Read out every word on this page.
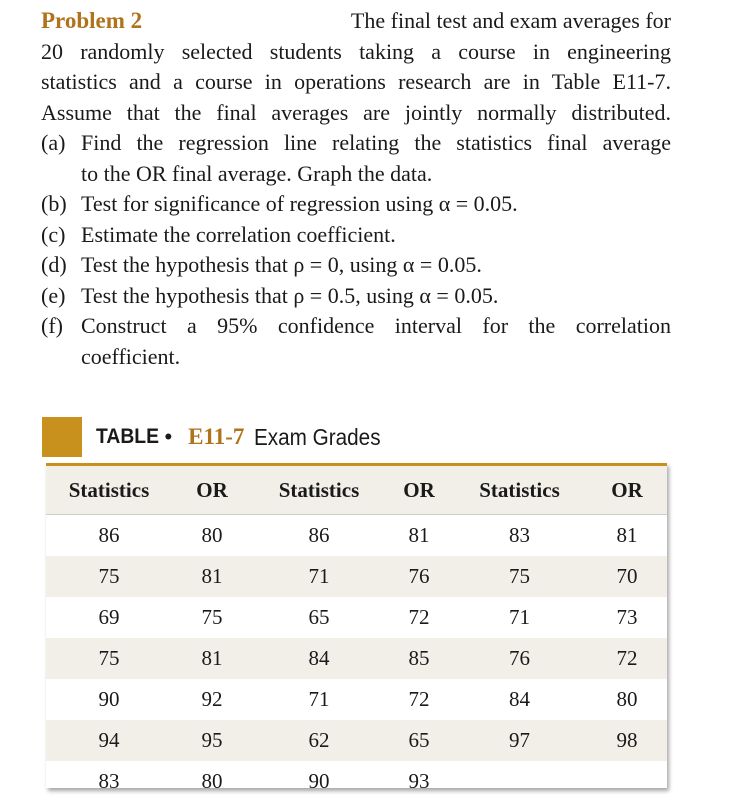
Problem 2	The final test and exam averages for
20 randomly selected students taking a course in engineering
statistics and a course in operations research are in Table E11-7.
Assume that the final averages are jointly normally distributed.
(a) Find the regression line relating the statistics final average
to the OR final average. Graph the data.
(b) Test for significance of regression using α = 0.05.
(c) Estimate the correlation coefficient.
(d) Test the hypothesis that ρ = 0, using α = 0.05.
(e) Test the hypothesis that ρ = 0.5, using α = 0.05.
(f) Construct a 95% confidence interval for the correlation
coefficient.
TABLE • E11-7 Exam Grades
Statistics	OR	Statistics	OR	Statistics	OR
86	80	86	81	83	81
75	81	71	76	75	70
69	75	65	72	71	73
75	81	84	85	76	72
90	92	71	72	84	80
94	95	62	65	97	98
83	80	90	93		
